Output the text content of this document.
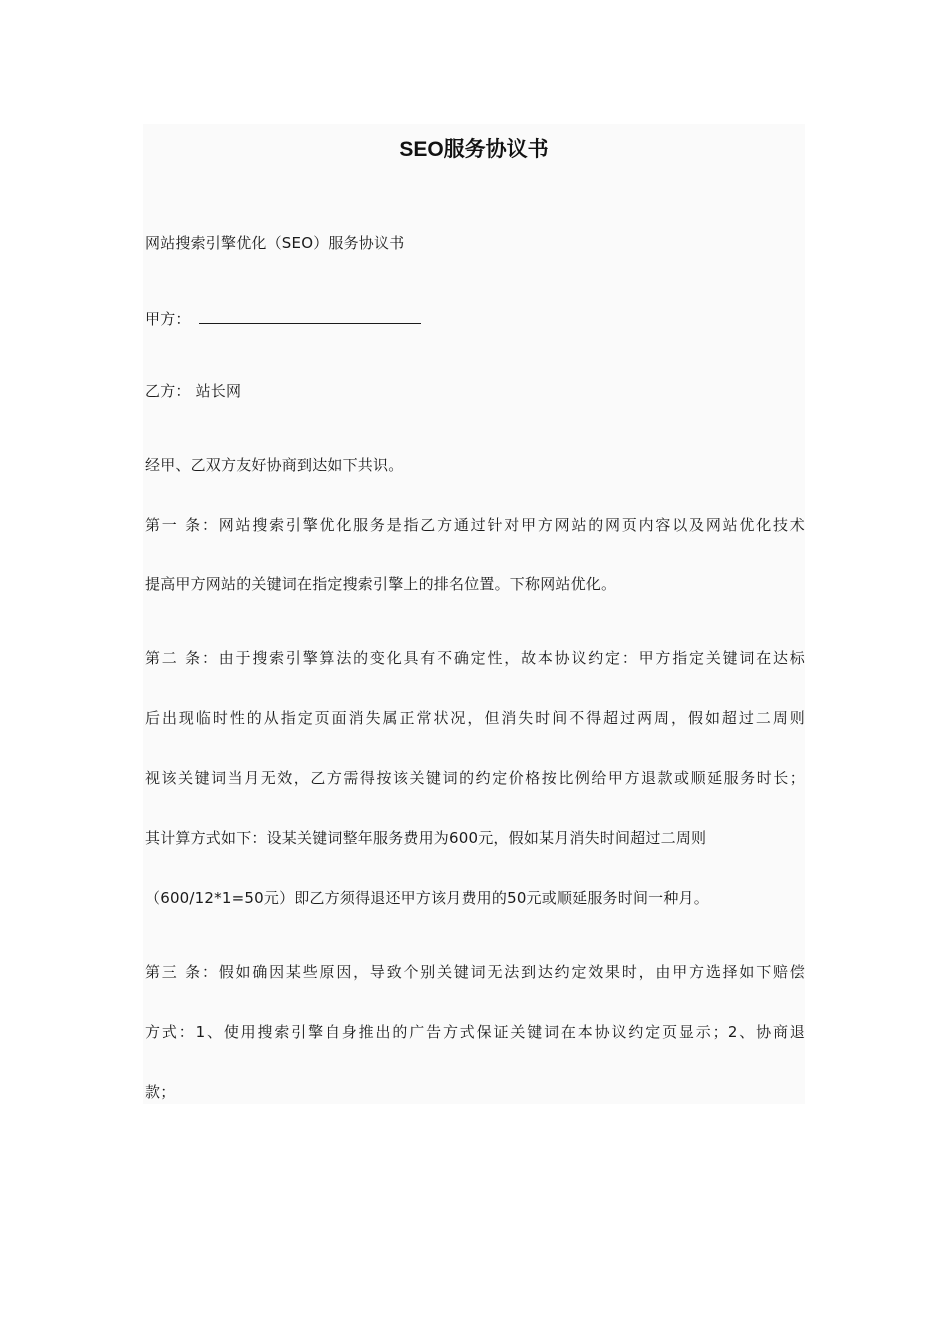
SEO服务协议书
网站搜索引擎优化（SEO）服务协议书
甲方：
乙方： 站长网
经甲、乙双方友好协商到达如下共识。
第一 条：网站搜索引擎优化服务是指乙方通过针对甲方网站的网页内容以及网站优化技术
提高甲方网站的关键词在指定搜索引擎上的排名位置。下称网站优化。
第二 条：由于搜索引擎算法的变化具有不确定性，故本协议约定：甲方指定关键词在达标
后出现临时性的从指定页面消失属正常状况，但消失时间不得超过两周，假如超过二周则
视该关键词当月无效，乙方需得按该关键词的约定价格按比例给甲方退款或顺延服务时长；
其计算方式如下：设某关键词整年服务费用为600元，假如某月消失时间超过二周则
（600/12*1=50元）即乙方须得退还甲方该月费用的50元或顺延服务时间一种月。
第三 条：假如确因某些原因，导致个别关键词无法到达约定效果时，由甲方选择如下赔偿
方式：1、使用搜索引擎自身推出的广告方式保证关键词在本协议约定页显示；2、协商退
款；
